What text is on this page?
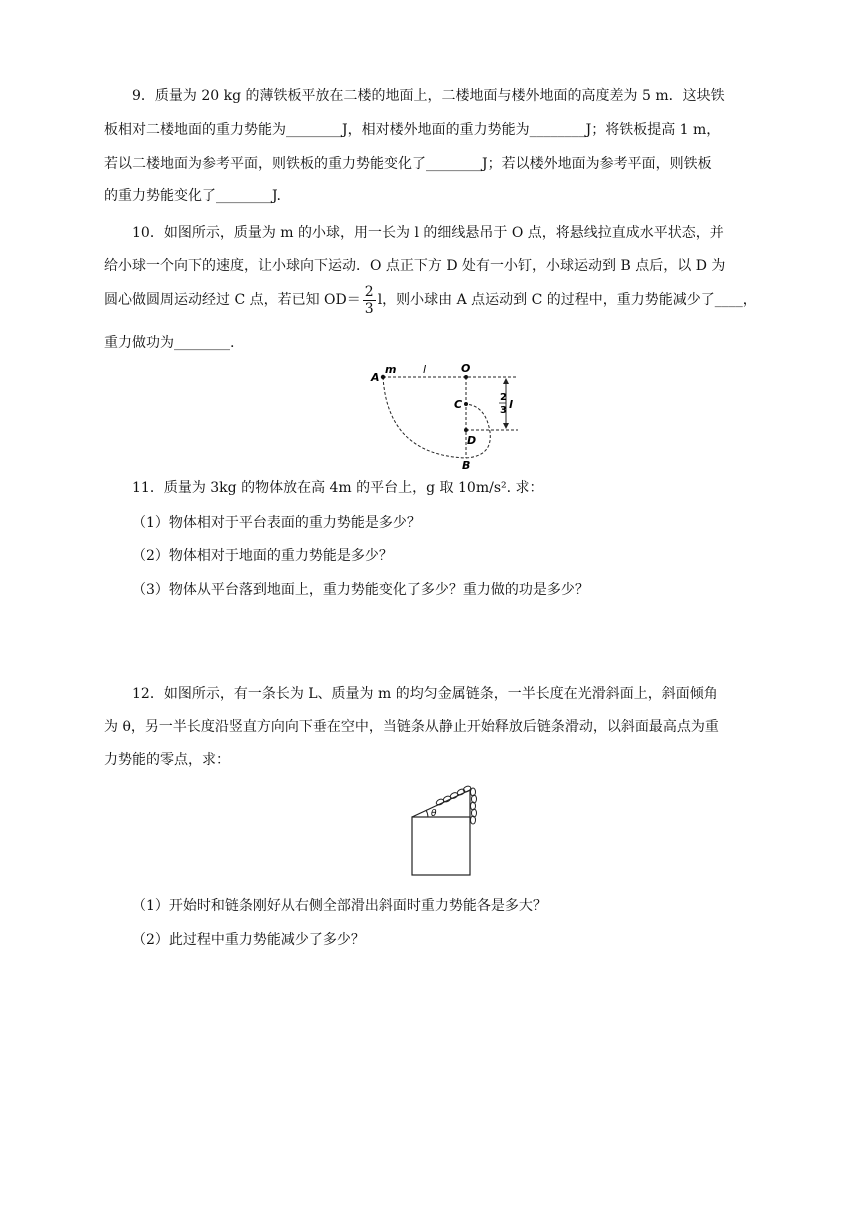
9．质量为 20 kg 的薄铁板平放在二楼的地面上，二楼地面与楼外地面的高度差为 5 m．这块铁
板相对二楼地面的重力势能为________J，相对楼外地面的重力势能为________J；将铁板提高 1 m，
若以二楼地面为参考平面，则铁板的重力势能变化了________J；若以楼外地面为参考平面，则铁板
的重力势能变化了________J.
10．如图所示，质量为 m 的小球，用一长为 l 的细线悬吊于 O 点，将悬线拉直成水平状态，并
给小球一个向下的速度，让小球向下运动．O 点正下方 D 处有一小钉，小球运动到 B 点后，以 D 为
圆心做圆周运动经过 C 点，若已知 $OD= \frac{2}{3}$ l，则小球由 A 点运动到 C 的过程中，重力势能减少了____，
重力做功为________.
A
m l	O
C
D
B
2
3 l
11．质量为 3kg 的物体放在高 4m 的平台上，g 取 10m/s². 求：
（1）物体相对于平台表面的重力势能是多少？
（2）物体相对于地面的重力势能是多少？
（3）物体从平台落到地面上，重力势能变化了多少？重力做的功是多少？
12．如图所示，有一条长为 L、质量为 m 的均匀金属链条，一半长度在光滑斜面上，斜面倾角
为 θ，另一半长度沿竖直方向向下垂在空中，当链条从静止开始释放后链条滑动，以斜面最高点为重
力势能的零点，求：
θ
（1）开始时和链条刚好从右侧全部滑出斜面时重力势能各是多大？
（2）此过程中重力势能减少了多少？
